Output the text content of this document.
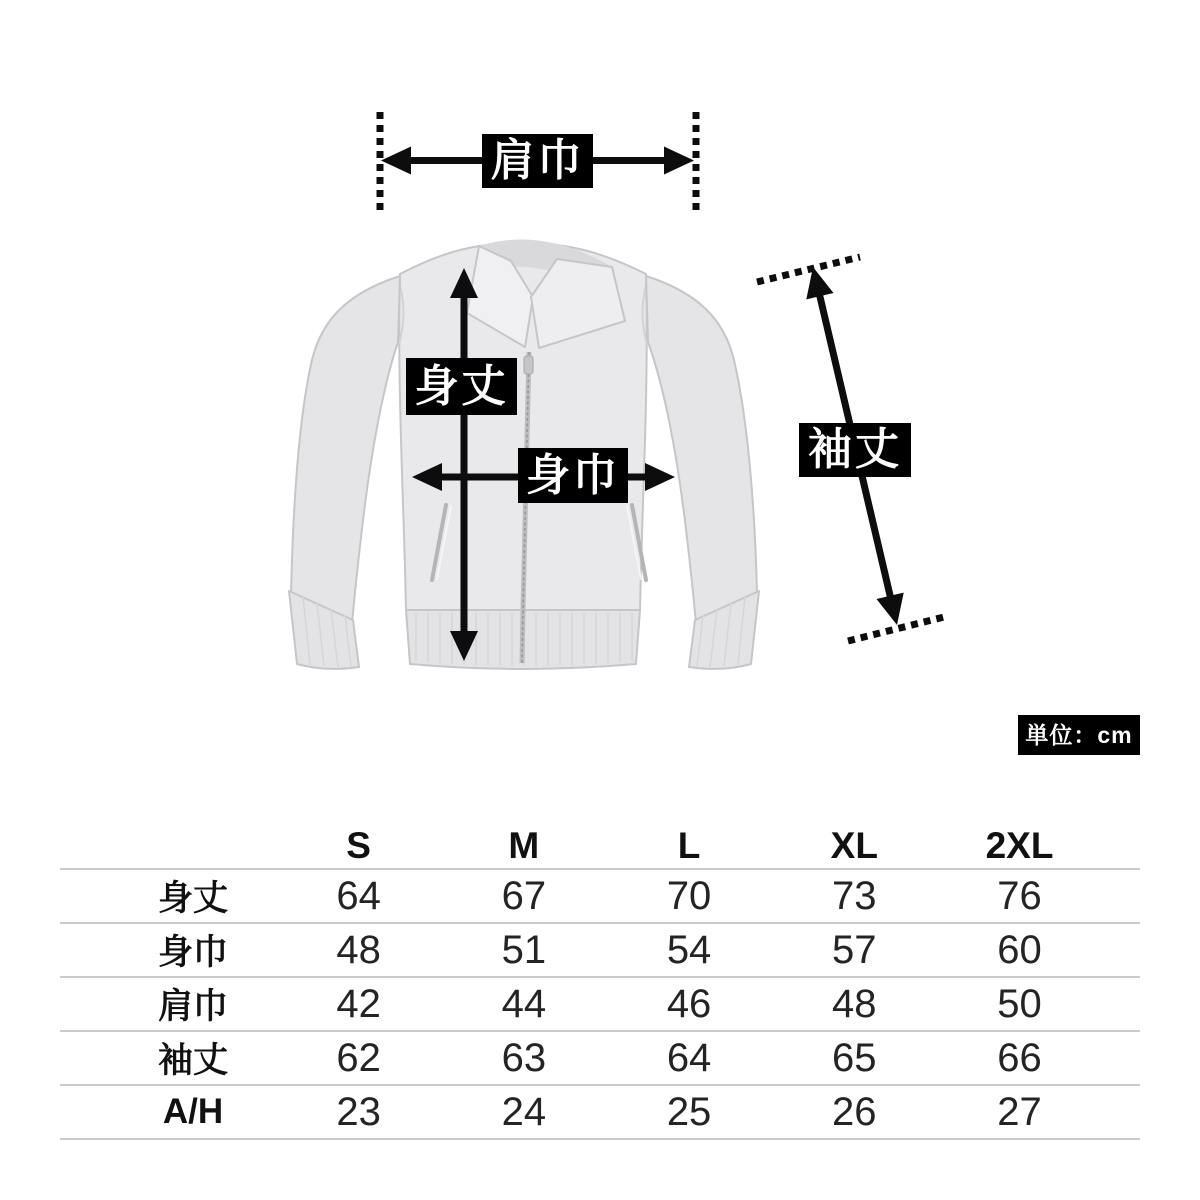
肩巾
身丈
身巾
袖丈
単位：cm
	S	M	L	XL	2XL	
身丈	64	67	70	73	76	
身巾	48	51	54	57	60	
肩巾	42	44	46	48	50	
袖丈	62	63	64	65	66	
A/H	23	24	25	26	27	
